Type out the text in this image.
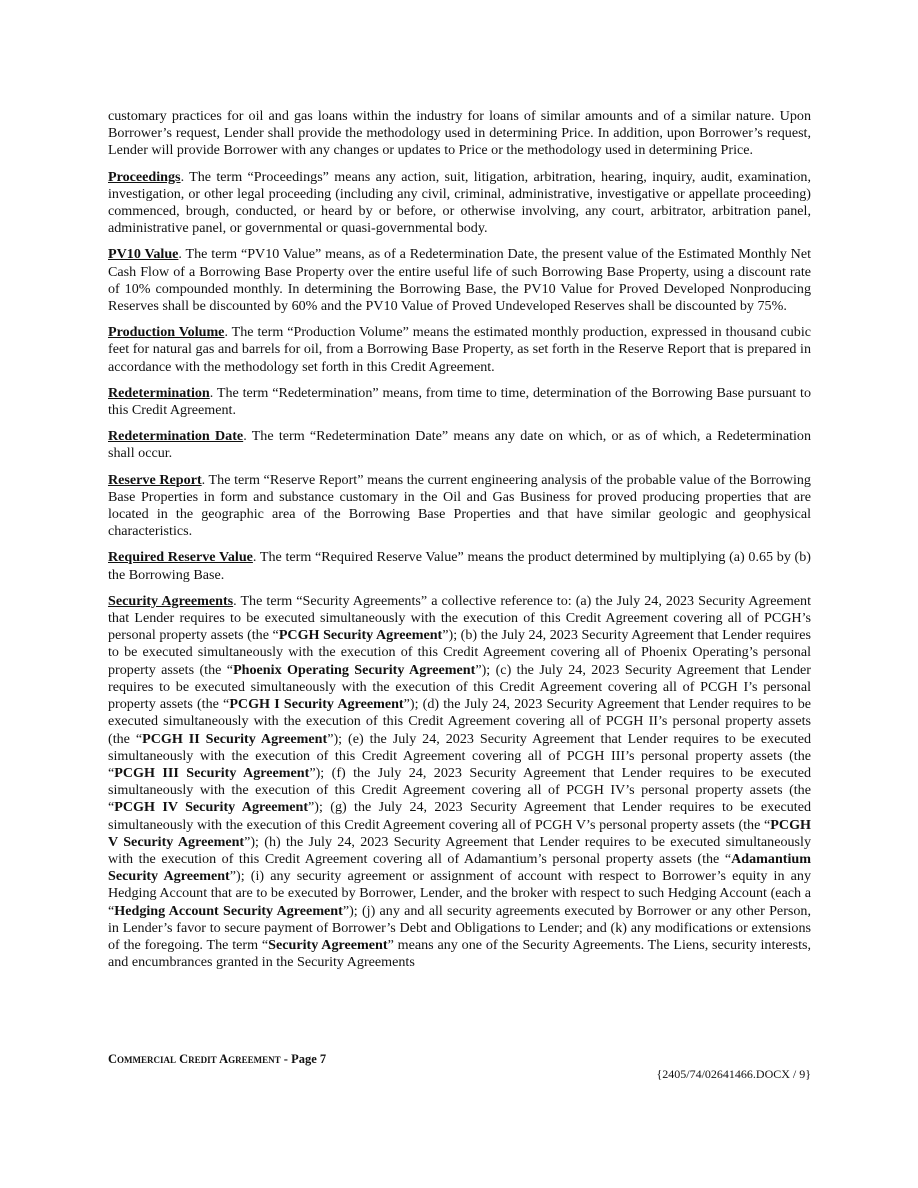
customary practices for oil and gas loans within the industry for loans of similar amounts and of a similar nature. Upon Borrower’s request, Lender shall provide the methodology used in determining Price. In addition, upon Borrower’s request, Lender will provide Borrower with any changes or updates to Price or the methodology used in determining Price.

Proceedings. The term “Proceedings” means any action, suit, litigation, arbitration, hearing, inquiry, audit, examination, investigation, or other legal proceeding (including any civil, criminal, administrative, investigative or appellate proceeding) commenced, brough, conducted, or heard by or before, or otherwise involving, any court, arbitrator, arbitration panel, administrative panel, or governmental or quasi-governmental body.

PV10 Value. The term “PV10 Value” means, as of a Redetermination Date, the present value of the Estimated Monthly Net Cash Flow of a Borrowing Base Property over the entire useful life of such Borrowing Base Property, using a discount rate of 10% compounded monthly. In determining the Borrowing Base, the PV10 Value for Proved Developed Nonproducing Reserves shall be discounted by 60% and the PV10 Value of Proved Undeveloped Reserves shall be discounted by 75%.

Production Volume. The term “Production Volume” means the estimated monthly production, expressed in thousand cubic feet for natural gas and barrels for oil, from a Borrowing Base Property, as set forth in the Reserve Report that is prepared in accordance with the methodology set forth in this Credit Agreement.

Redetermination. The term “Redetermination” means, from time to time, determination of the Borrowing Base pursuant to this Credit Agreement.

Redetermination Date. The term “Redetermination Date” means any date on which, or as of which, a Redetermination shall occur.

Reserve Report. The term “Reserve Report” means the current engineering analysis of the probable value of the Borrowing Base Properties in form and substance customary in the Oil and Gas Business for proved producing properties that are located in the geographic area of the Borrowing Base Properties and that have similar geologic and geophysical characteristics.

Required Reserve Value. The term “Required Reserve Value” means the product determined by multiplying (a) 0.65 by (b) the Borrowing Base.

Security Agreements. The term “Security Agreements” a collective reference to: (a) the July 24, 2023 Security Agreement that Lender requires to be executed simultaneously with the execution of this Credit Agreement covering all of PCGH’s personal property assets (the “PCGH Security Agreement”); (b) the July 24, 2023 Security Agreement that Lender requires to be executed simultaneously with the execution of this Credit Agreement covering all of Phoenix Operating’s personal property assets (the “Phoenix Operating Security Agreement”); (c) the July 24, 2023 Security Agreement that Lender requires to be executed simultaneously with the execution of this Credit Agreement covering all of PCGH I’s personal property assets (the “PCGH I Security Agreement”); (d) the July 24, 2023 Security Agreement that Lender requires to be executed simultaneously with the execution of this Credit Agreement covering all of PCGH II’s personal property assets (the “PCGH II Security Agreement”); (e) the July 24, 2023 Security Agreement that Lender requires to be executed simultaneously with the execution of this Credit Agreement covering all of PCGH III’s personal property assets (the “PCGH III Security Agreement”); (f) the July 24, 2023 Security Agreement that Lender requires to be executed simultaneously with the execution of this Credit Agreement covering all of PCGH IV’s personal property assets (the “PCGH IV Security Agreement”); (g) the July 24, 2023 Security Agreement that Lender requires to be executed simultaneously with the execution of this Credit Agreement covering all of PCGH V’s personal property assets (the “PCGH V Security Agreement”); (h) the July 24, 2023 Security Agreement that Lender requires to be executed simultaneously with the execution of this Credit Agreement covering all of Adamantium’s personal property assets (the “Adamantium Security Agreement”); (i) any security agreement or assignment of account with respect to Borrower’s equity in any Hedging Account that are to be executed by Borrower, Lender, and the broker with respect to such Hedging Account (each a “Hedging Account Security Agreement”); (j) any and all security agreements executed by Borrower or any other Person, in Lender’s favor to secure payment of Borrower’s Debt and Obligations to Lender; and (k) any modifications or extensions of the foregoing. The term “Security Agreement” means any one of the Security Agreements. The Liens, security interests, and encumbrances granted in the Security Agreements

Commercial Credit Agreement - Page 7
{2405/74/02641466.DOCX / 9}
